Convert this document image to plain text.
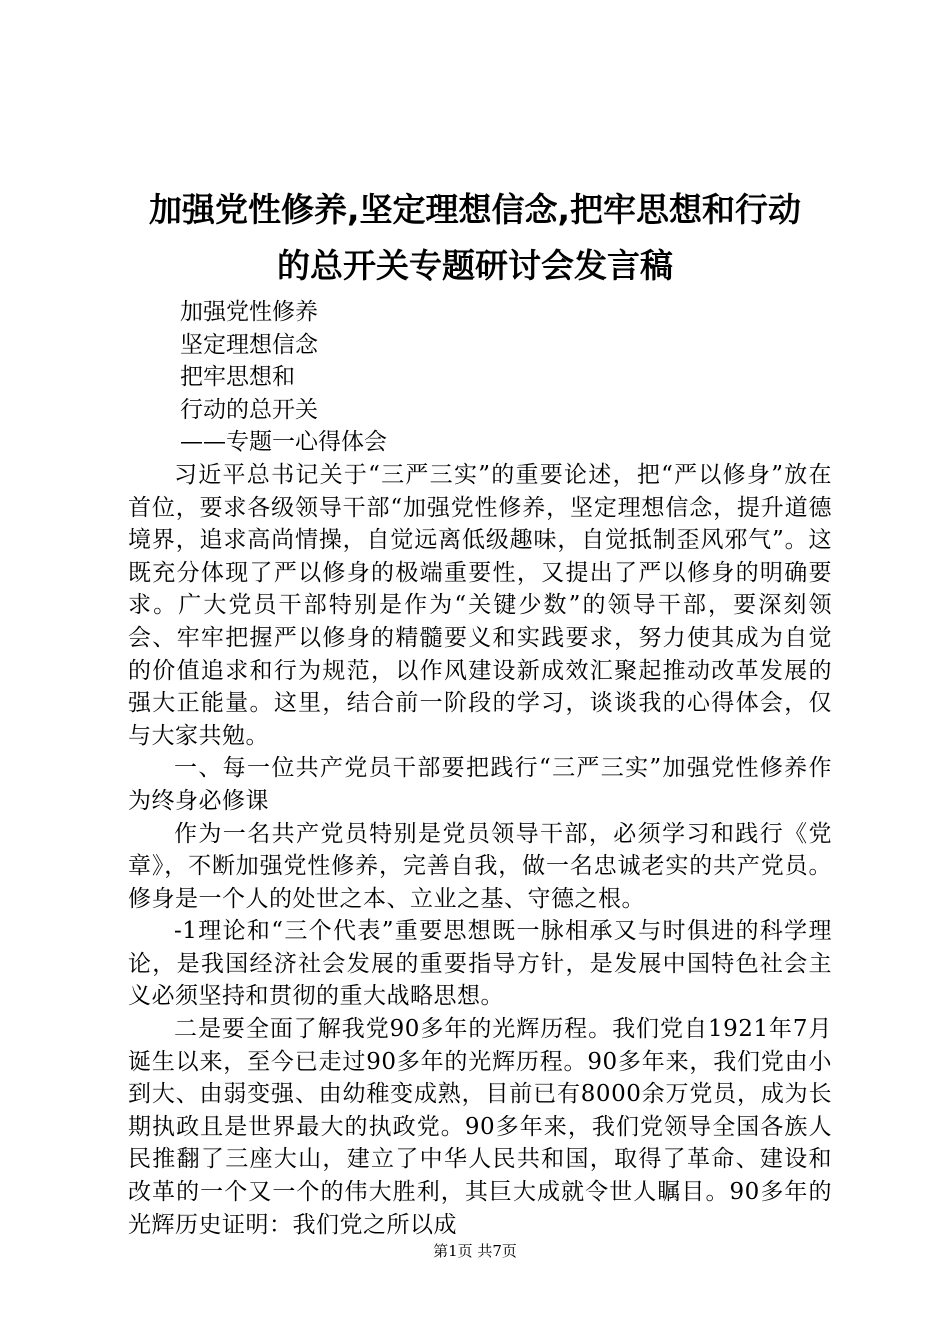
加强党性修养,坚定理想信念,把牢思想和行动
的总开关专题研讨会发言稿
加强党性修养
坚定理想信念
把牢思想和
行动的总开关
——专题一心得体会

习近平总书记关于“三严三实”的重要论述，把“严以修身”放在首位，要求各级领导干部“加强党性修养，坚定理想信念，提升道德境界，追求高尚情操，自觉远离低级趣味，自觉抵制歪风邪气”。这既充分体现了严以修身的极端重要性，又提出了严以修身的明确要求。广大党员干部特别是作为“关键少数”的领导干部，要深刻领会、牢牢把握严以修身的精髓要义和实践要求，努力使其成为自觉的价值追求和行为规范，以作风建设新成效汇聚起推动改革发展的强大正能量。这里，结合前一阶段的学习，谈谈我的心得体会，仅与大家共勉。

一、每一位共产党员干部要把践行“三严三实”加强党性修养作为终身必修课

作为一名共产党员特别是党员领导干部，必须学习和践行《党章》，不断加强党性修养，完善自我，做一名忠诚老实的共产党员。修身是一个人的处世之本、立业之基、守德之根。

-1理论和“三个代表”重要思想既一脉相承又与时俱进的科学理论，是我国经济社会发展的重要指导方针，是发展中国特色社会主义必须坚持和贯彻的重大战略思想。

二是要全面了解我党90多年的光辉历程。我们党自1921年7月诞生以来，至今已走过90多年的光辉历程。90多年来，我们党由小到大、由弱变强、由幼稚变成熟，目前已有8000余万党员，成为长期执政且是世界最大的执政党。90多年来，我们党领导全国各族人民推翻了三座大山，建立了中华人民共和国，取得了革命、建设和改革的一个又一个的伟大胜利，其巨大成就令世人瞩目。90多年的光辉历史证明：我们党之所以成

第1页 共7页
